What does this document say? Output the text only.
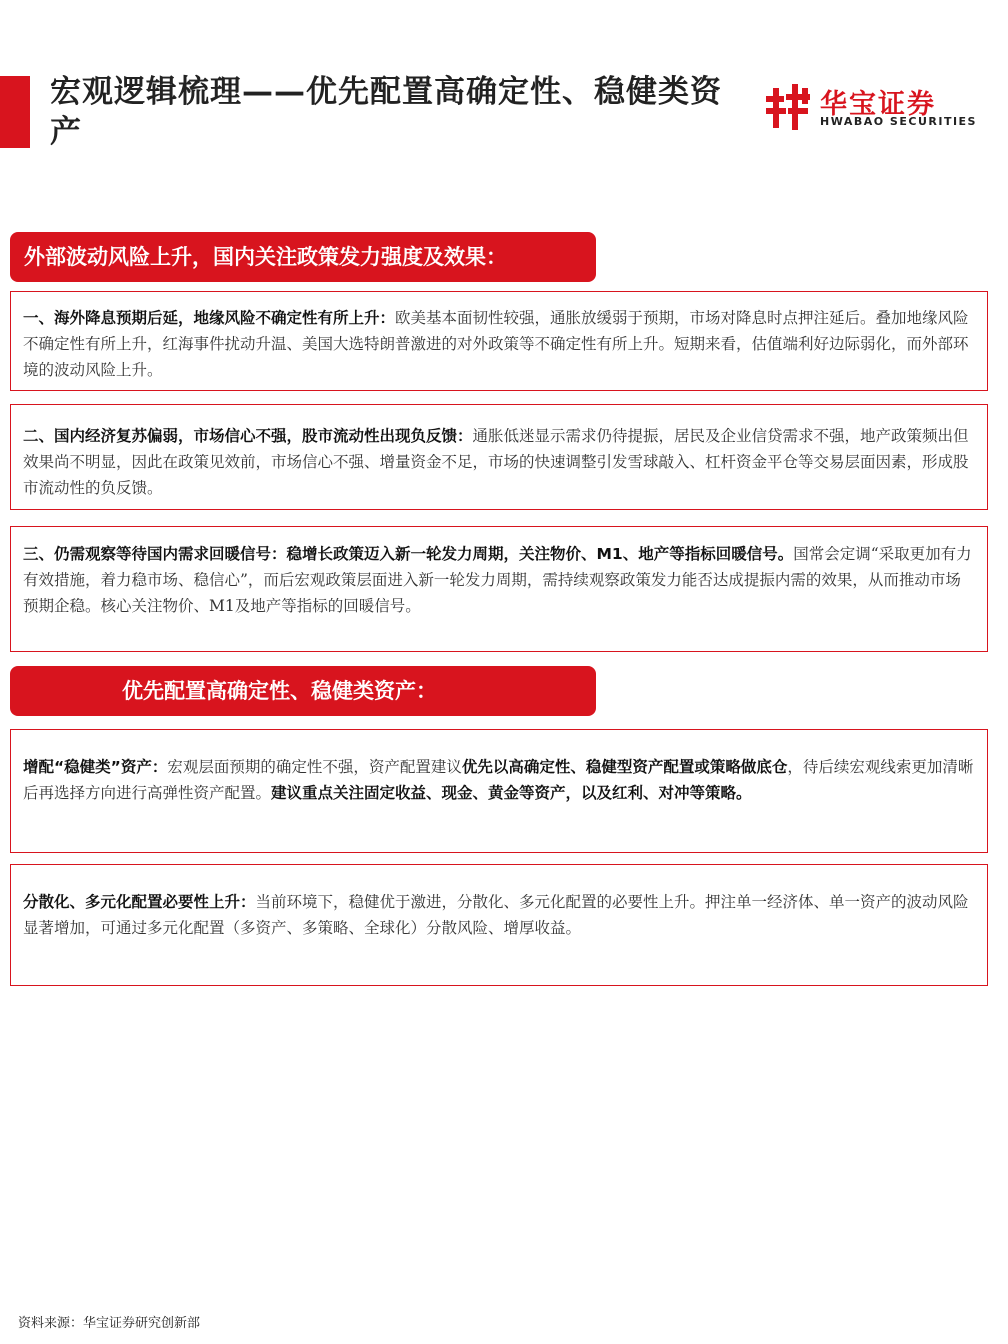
宏观逻辑梳理——优先配置高确定性、稳健类资产
华宝证券
HWABAO SECURITIES
外部波动风险上升，国内关注政策发力强度及效果：
一、海外降息预期后延，地缘风险不确定性有所上升：欧美基本面韧性较强，通胀放缓弱于预期，市场对降息时点押注延后。叠加地缘风险不确定性有所上升，红海事件扰动升温、美国大选特朗普激进的对外政策等不确定性有所上升。短期来看，估值端利好边际弱化，而外部环境的波动风险上升。
二、国内经济复苏偏弱，市场信心不强，股市流动性出现负反馈：通胀低迷显示需求仍待提振，居民及企业信贷需求不强，地产政策频出但效果尚不明显，因此在政策见效前，市场信心不强、增量资金不足，市场的快速调整引发雪球敲入、杠杆资金平仓等交易层面因素，形成股市流动性的负反馈。
三、仍需观察等待国内需求回暖信号：稳增长政策迈入新一轮发力周期，关注物价、M1、地产等指标回暖信号。国常会定调“采取更加有力有效措施，着力稳市场、稳信心”，而后宏观政策层面进入新一轮发力周期，需持续观察政策发力能否达成提振内需的效果，从而推动市场预期企稳。核心关注物价、M1及地产等指标的回暖信号。
优先配置高确定性、稳健类资产：
增配“稳健类”资产：宏观层面预期的确定性不强，资产配置建议优先以高确定性、稳健型资产配置或策略做底仓，待后续宏观线索更加清晰后再选择方向进行高弹性资产配置。建议重点关注固定收益、现金、黄金等资产，以及红利、对冲等策略。
分散化、多元化配置必要性上升：当前环境下，稳健优于激进，分散化、多元化配置的必要性上升。押注单一经济体、单一资产的波动风险显著增加，可通过多元化配置（多资产、多策略、全球化）分散风险、增厚收益。
资料来源：华宝证券研究创新部
